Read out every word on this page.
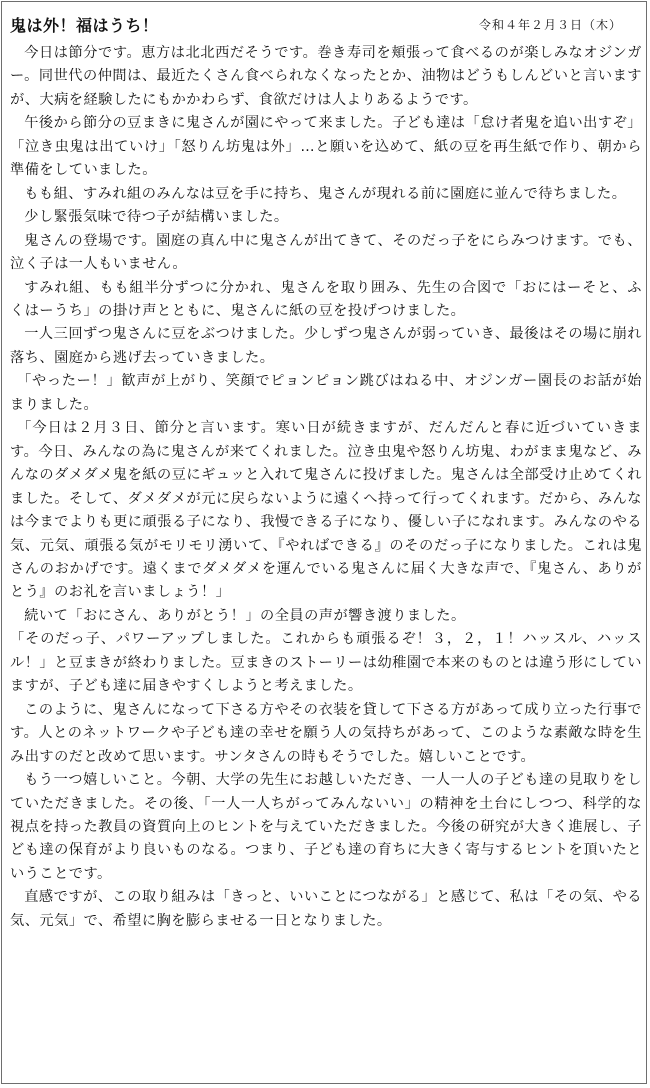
鬼は外！福はうち！	令和４年２月３日（木）

今日は節分です。恵方は北北西だそうです。巻き寿司を頬張って食べるのが楽しみなオジンガー。同世代の仲間は、最近たくさん食べられなくなったとか、油物はどうもしんどいと言いますが、大病を経験したにもかかわらず、食欲だけは人よりあるようです。

午後から節分の豆まきに鬼さんが園にやって来ました。子ども達は「怠け者鬼を追い出すぞ」「泣き虫鬼は出ていけ」「怒りん坊鬼は外」…と願いを込めて、紙の豆を再生紙で作り、朝から準備をしていました。

もも組、すみれ組のみんなは豆を手に持ち、鬼さんが現れる前に園庭に並んで待ちました。

少し緊張気味で待つ子が結構いました。

鬼さんの登場です。園庭の真ん中に鬼さんが出てきて、そのだっ子をにらみつけます。でも、泣く子は一人もいません。

すみれ組、もも組半分ずつに分かれ、鬼さんを取り囲み、先生の合図で「おにはーそと、ふくはーうち」の掛け声とともに、鬼さんに紙の豆を投げつけました。

一人三回ずつ鬼さんに豆をぶつけました。少しずつ鬼さんが弱っていき、最後はその場に崩れ落ち、園庭から逃げ去っていきました。

「やったー！」歓声が上がり、笑顔でピョンピョン跳びはねる中、オジンガー園長のお話が始まりました。

「今日は２月３日、節分と言います。寒い日が続きますが、だんだんと春に近づいていきます。今日、みんなの為に鬼さんが来てくれました。泣き虫鬼や怒りん坊鬼、わがまま鬼など、みんなのダメダメ鬼を紙の豆にギュッと入れて鬼さんに投げました。鬼さんは全部受け止めてくれました。そして、ダメダメが元に戻らないように遠くへ持って行ってくれます。だから、みんなは今までよりも更に頑張る子になり、我慢できる子になり、優しい子になれます。みんなのやる気、元気、頑張る気がモリモリ湧いて、『やればできる』のそのだっ子になりました。これは鬼さんのおかげです。遠くまでダメダメを運んでいる鬼さんに届く大きな声で、『鬼さん、ありがとう』のお礼を言いましょう！」

続いて「おにさん、ありがとう！」の全員の声が響き渡りました。

「そのだっ子、パワーアップしました。これからも頑張るぞ！３，２，１！ハッスル、ハッスル！」と豆まきが終わりました。豆まきのストーリーは幼稚園で本来のものとは違う形にしていますが、子ども達に届きやすくしようと考えました。

このように、鬼さんになって下さる方やその衣装を貸して下さる方があって成り立った行事です。人とのネットワークや子ども達の幸せを願う人の気持ちがあって、このような素敵な時を生み出すのだと改めて思います。サンタさんの時もそうでした。嬉しいことです。

もう一つ嬉しいこと。今朝、大学の先生にお越しいただき、一人一人の子ども達の見取りをしていただきました。その後、「一人一人ちがってみんないい」の精神を土台にしつつ、科学的な視点を持った教員の資質向上のヒントを与えていただきました。今後の研究が大きく進展し、子ども達の保育がより良いものなる。つまり、子ども達の育ちに大きく寄与するヒントを頂いたということです。

直感ですが、この取り組みは「きっと、いいことにつながる」と感じて、私は「その気、やる気、元気」で、希望に胸を膨らませる一日となりました。
